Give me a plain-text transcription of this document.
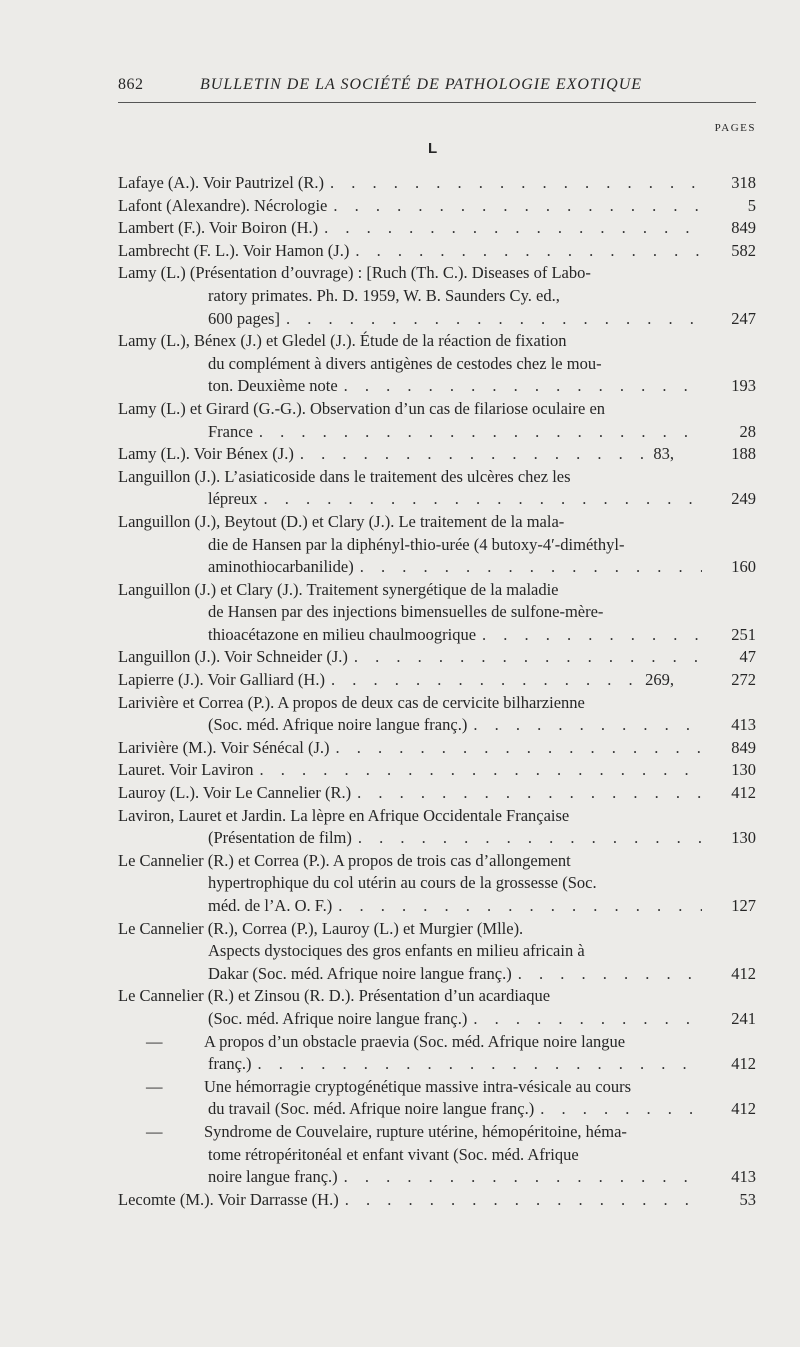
862	BULLETIN DE LA SOCIÉTÉ DE PATHOLOGIE EXOTIQUE
PAGES
L
Lafaye (A.). Voir Pautrizel (R.) . . .	318
Lafont (Alexandre). Nécrologie . . .	5
Lambert (F.). Voir Boiron (H.) . . .	849
Lambrecht (F. L.). Voir Hamon (J.) . . .	582
Lamy (L.) (Présentation d’ouvrage) : [Ruch (Th. C.). Diseases of Labo-
ratory primates. Ph. D. 1959, W. B. Saunders Cy. ed.,
600 pages] . . .	247
Lamy (L.), Bénex (J.) et Gledel (J.). Étude de la réaction de fixation
du complément à divers antigènes de cestodes chez le mou-
ton. Deuxième note . . .	193
Lamy (L.) et Girard (G.-G.). Observation d’un cas de filariose oculaire en
France . . .	28
Lamy (L.). Voir Bénex (J.) . . .	83,	188
Languillon (J.). L’asiaticoside dans le traitement des ulcères chez les
lépreux . . .	249
Languillon (J.), Beytout (D.) et Clary (J.). Le traitement de la mala-
die de Hansen par la diphényl-thio-urée (4 butoxy-4′-diméthyl-
aminothiocarbanilide) . . .	160
Languillon (J.) et Clary (J.). Traitement synergétique de la maladie
de Hansen par des injections bimensuelles de sulfone-mère-
thioacétazone en milieu chaulmoogrique . . .	251
Languillon (J.). Voir Schneider (J.) . . .	47
Lapierre (J.). Voir Galliard (H.) . . .	269,	272
Larivière et Correa (P.). A propos de deux cas de cervicite bilharzienne
(Soc. méd. Afrique noire langue franç.) . . .	413
Larivière (M.). Voir Sénécal (J.) . . .	849
Lauret. Voir Laviron . . .	130
Lauroy (L.). Voir Le Cannelier (R.) . . .	412
Laviron, Lauret et Jardin. La lèpre en Afrique Occidentale Française
(Présentation de film) . . .	130
Le Cannelier (R.) et Correa (P.). A propos de trois cas d’allongement
hypertrophique du col utérin au cours de la grossesse (Soc.
méd. de l’A. O. F.) . . .	127
Le Cannelier (R.), Correa (P.), Lauroy (L.) et Murgier (Mlle).
Aspects dystociques des gros enfants en milieu africain à
Dakar (Soc. méd. Afrique noire langue franç.) . . .	412
Le Cannelier (R.) et Zinsou (R. D.). Présentation d’un acardiaque
(Soc. méd. Afrique noire langue franç.) . . .	241
—	A propos d’un obstacle praevia (Soc. méd. Afrique noire langue
franç.) . . .	412
—	Une hémorragie cryptogénétique massive intra-vésicale au cours
du travail (Soc. méd. Afrique noire langue franç.) . . .	412
—	Syndrome de Couvelaire, rupture utérine, hémopéritoine, héma-
tome rétropéritonéal et enfant vivant (Soc. méd. Afrique
noire langue franç.) . . .	413
Lecomte (M.). Voir Darrasse (H.) . . .	53
